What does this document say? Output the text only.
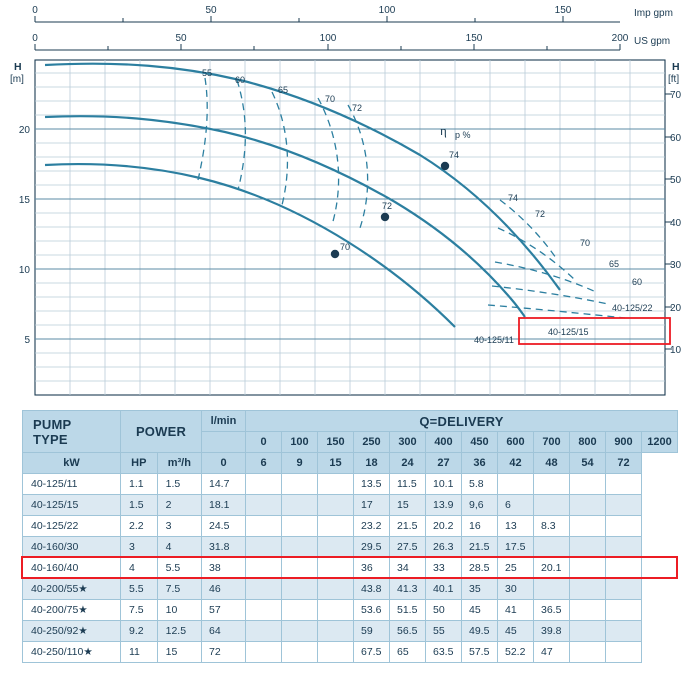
0	50	100	150	Imp gpm
0	50	100	150	200 US gpm
H
[m]
5
10
15
20
H
[ft]
10
20
30
40
50
60
70
55
60
65
70
72
74
72
70
65
60
η p %
74
72
70
40-125/11
40-125/15
40-125/22
PUMP
TYPE	POWER		l/min	Q=DELIVERY											
				0	100	150	250	300	400	450	600	700	800	900	1200
kW	HP	m³/h	0	6	9	15	18	24	27	36	42	48	54	72	
40-125/11	1.1	1.5	14.7				13.5	11.5	10.1	5.8					
40-125/15	1.5	2	18.1				17	15	13.9	9,6	6				
40-125/22	2.2	3	24.5				23.2	21.5	20.2	16	13	8.3			
40-160/30	3	4	31.8				29.5	27.5	26.3	21.5	17.5				
40-160/40	4	5.5	38				36	34	33	28.5	25	20.1			
40-200/55★	5.5	7.5	46				43.8	41.3	40.1	35	30				
40-200/75★	7.5	10	57				53.6	51.5	50	45	41	36.5			
40-250/92★	9.2	12.5	64				59	56.5	55	49.5	45	39.8			
40-250/110★	11	15	72				67.5	65	63.5	57.5	52.2	47			
